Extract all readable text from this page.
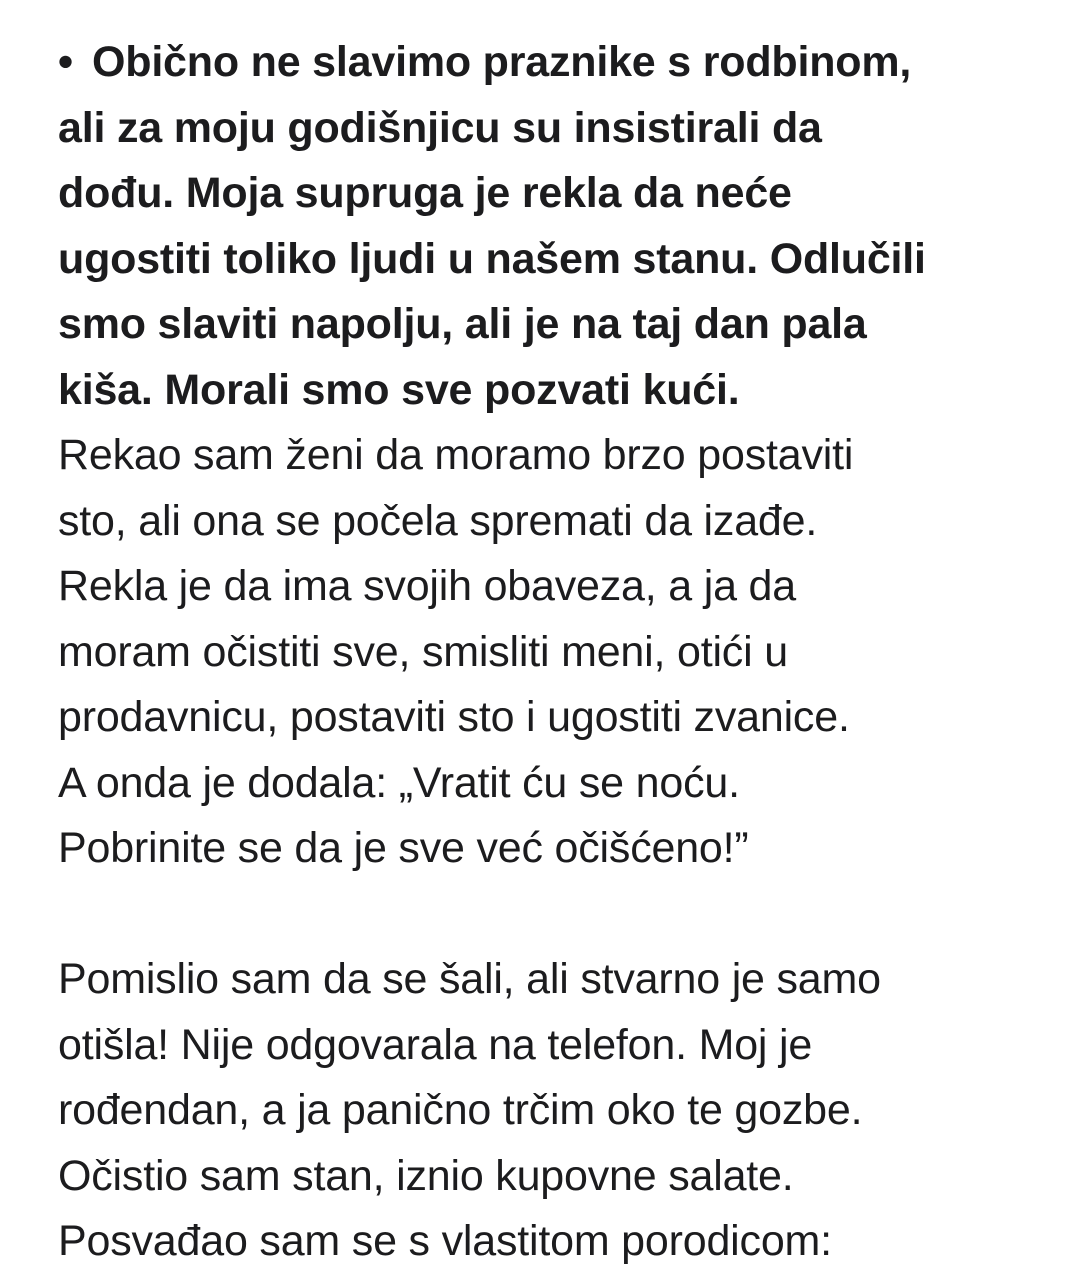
• Obično ne slavimo praznike s rodbinom,
ali za moju godišnjicu su insistirali da
dođu. Moja supruga je rekla da neće
ugostiti toliko ljudi u našem stanu. Odlučili
smo slaviti napolju, ali je na taj dan pala
kiša. Morali smo sve pozvati kući.
Rekao sam ženi da moramo brzo postaviti
sto, ali ona se počela spremati da izađe.
Rekla je da ima svojih obaveza, a ja da
moram očistiti sve, smisliti meni, otići u
prodavnicu, postaviti sto i ugostiti zvanice.
A onda je dodala: „Vratit ću se noću.
Pobrinite se da je sve već očišćeno!”
Pomislio sam da se šali, ali stvarno je samo
otišla! Nije odgovarala na telefon. Moj je
rođendan, a ja panično trčim oko te gozbe.
Očistio sam stan, iznio kupovne salate.
Posvađao sam se s vlastitom porodicom:
